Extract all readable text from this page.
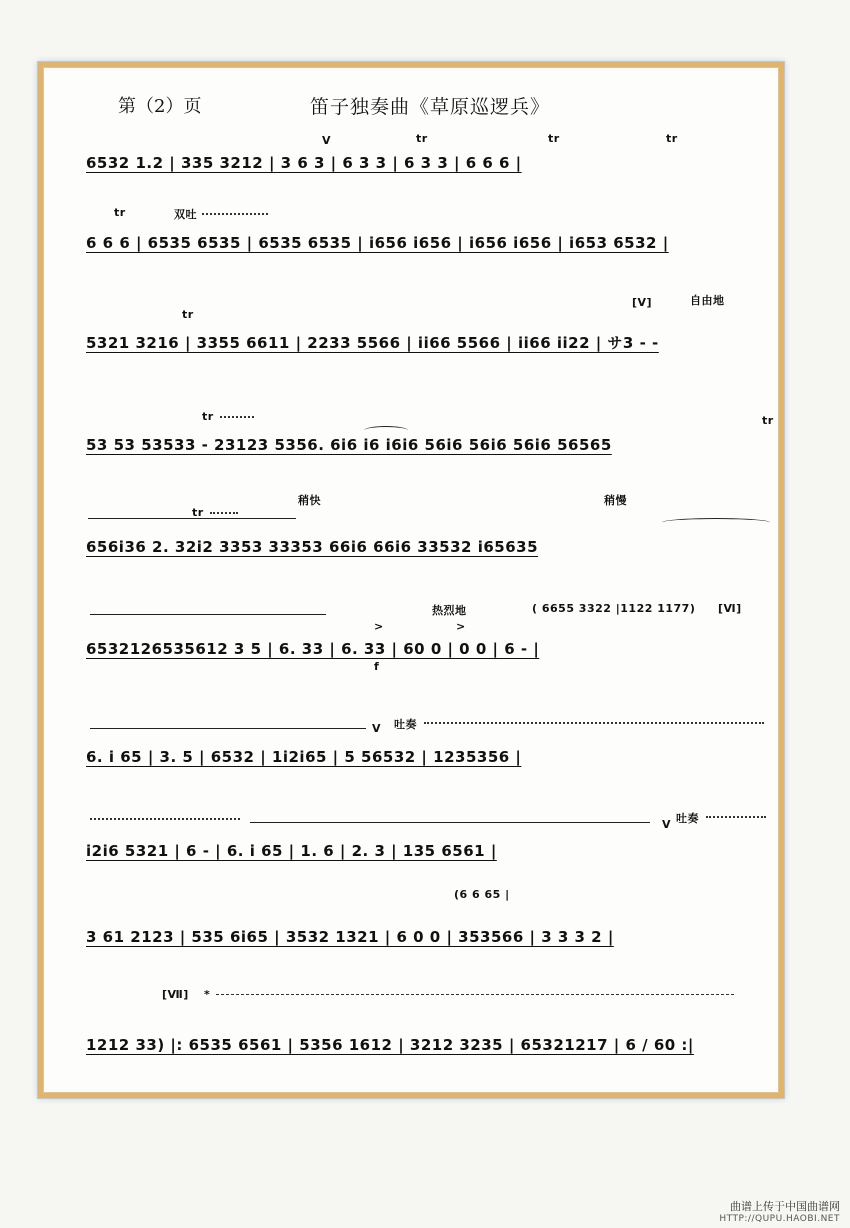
第（2）页	笛子独奏曲《草原巡逻兵》
6532 1.2 | 335 3212 | 3 6 3 | 6 3 3 | 6 3 3 | 6 6 6 |
V	tr	tr	tr
6 6 6 | 6535 6535 | 6535 6535 | i656 i656 | i656 i656 | i653 6532 |
tr	双吐
5321 3216 | 3355 6611 | 2233 5566 | ii66 5566 | ii66 ii22 | サ3 - -
tr
[Ⅴ]	自由地
53 53 53533 - 23123 5356. 6i6 i6 i6i6 56i6 56i6 56i6 56565
tr	tr
656i36 2. 32i2 3353 33353 66i6 66i6 33532 i65635
tr
稍快	稍慢
6532126535612 3 5 | 6. 33 | 6. 33 | 60 0 | 0 0 | 6 - |
热烈地	( 6655 3322 |1122 1177) [Ⅵ]
>	>
f
6. i 65 | 3. 5 | 6532 | 1i2i65 | 5 56532 | 1235356 |
V 吐奏
i2i6 5321 | 6 - | 6. i 65 | 1. 6 | 2. 3 | 135 6561 |
V 吐奏
3 61 2123 | 535 6i65 | 3532 1321 | 6 0 0 | 353566 | 3 3 3 2 |
(6 6 65 |
1212 33) |: 6535 6561 | 5356 1612 | 3212 3235 | 65321217 | 6 / 60 :|
[Ⅶ] *
曲谱上传于中国曲谱网
HTTP://QUPU.HAOBI.NET
